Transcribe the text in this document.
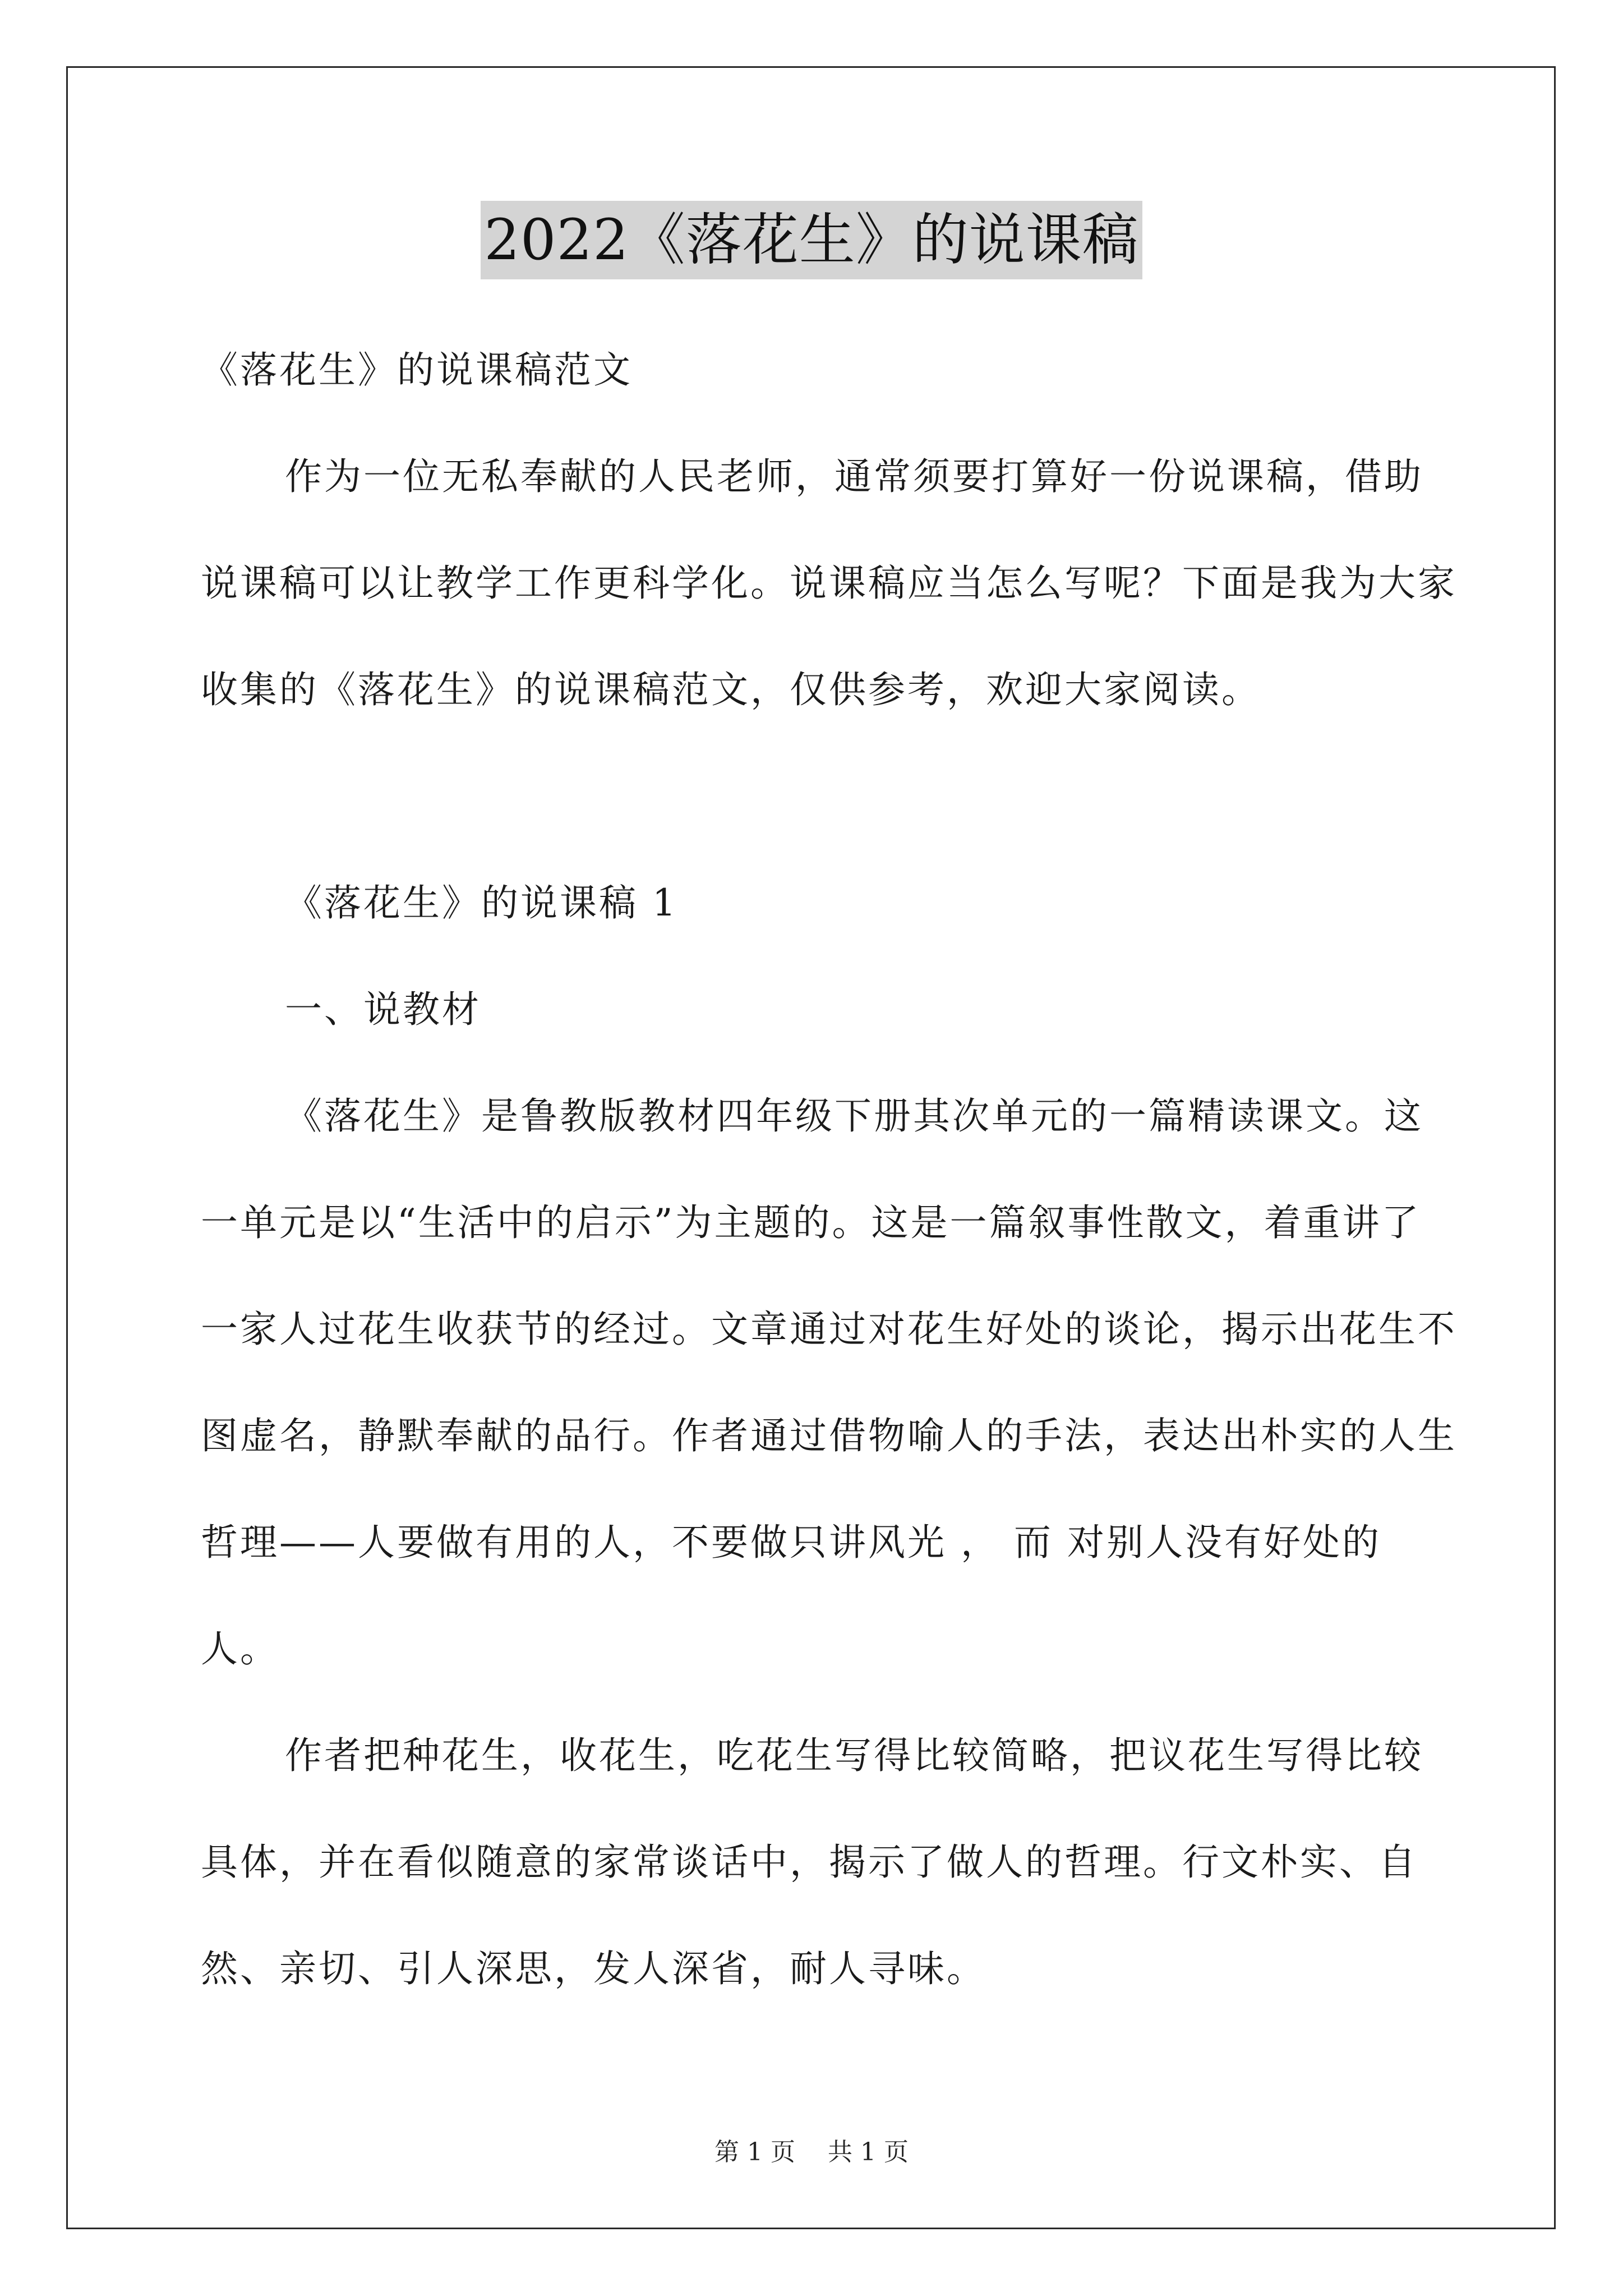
2022《落花生》的说课稿

《落花生》的说课稿范文

作为一位无私奉献的人民老师，通常须要打算好一份说课稿，借助说课稿可以让教学工作更科学化。说课稿应当怎么写呢？下面是我为大家收集的《落花生》的说课稿范文，仅供参考，欢迎大家阅读。

《落花生》的说课稿 1

一、说教材

《落花生》是鲁教版教材四年级下册其次单元的一篇精读课文。这一单元是以“生活中的启示”为主题的。这是一篇叙事性散文，着重讲了一家人过花生收获节的经过。文章通过对花生好处的谈论，揭示出花生不图虚名，静默奉献的品行。作者通过借物喻人的手法，表达出朴实的人生哲理——人要做有用的人，不要做只讲风光 ， 而 对别人没有好处的人。

作者把种花生，收花生，吃花生写得比较简略，把议花生写得比较具体，并在看似随意的家常谈话中，揭示了做人的哲理。行文朴实、自然、亲切、引人深思，发人深省，耐人寻味。

第 1 页　 共 1 页
